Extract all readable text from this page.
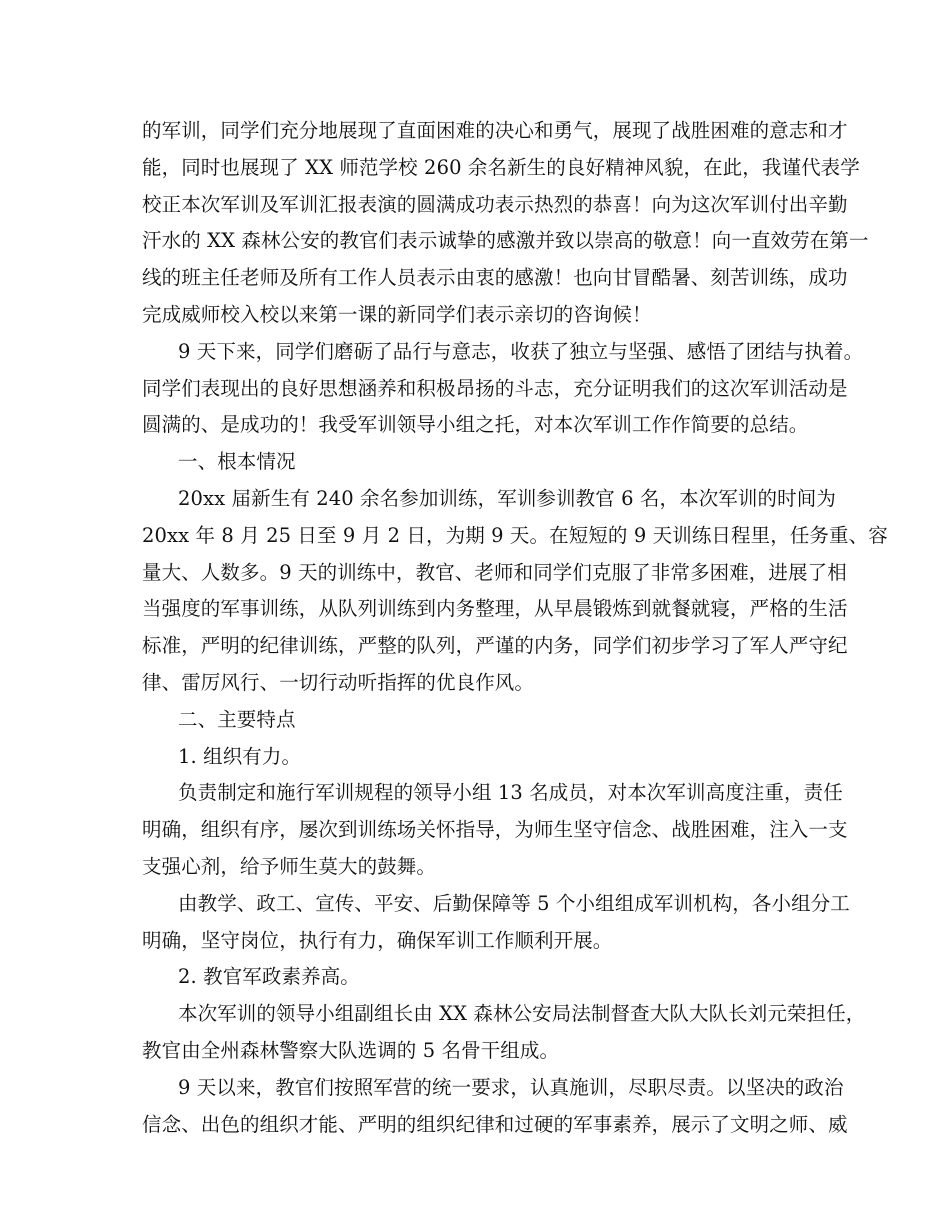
的军训，同学们充分地展现了直面困难的决心和勇气，展现了战胜困难的意志和才
能，同时也展现了 XX 师范学校 260 余名新生的良好精神风貌，在此，我谨代表学
校正本次军训及军训汇报表演的圆满成功表示热烈的恭喜！向为这次军训付出辛勤
汗水的 XX 森林公安的教官们表示诚挚的感激并致以崇高的敬意！向一直效劳在第一
线的班主任老师及所有工作人员表示由衷的感激！也向甘冒酷暑、刻苦训练，成功
完成威师校入校以来第一课的新同学们表示亲切的咨询候！
9 天下来，同学们磨砺了品行与意志，收获了独立与坚强、感悟了团结与执着。
同学们表现出的良好思想涵养和积极昂扬的斗志，充分证明我们的这次军训活动是
圆满的、是成功的！我受军训领导小组之托，对本次军训工作作简要的总结。
一、根本情况
20xx 届新生有 240 余名参加训练，军训参训教官 6 名，本次军训的时间为
20xx 年 8 月 25 日至 9 月 2 日，为期 9 天。在短短的 9 天训练日程里，任务重、容
量大、人数多。9 天的训练中，教官、老师和同学们克服了非常多困难，进展了相
当强度的军事训练，从队列训练到内务整理，从早晨锻炼到就餐就寝，严格的生活
标准，严明的纪律训练，严整的队列，严谨的内务，同学们初步学习了军人严守纪
律、雷厉风行、一切行动听指挥的优良作风。
二、主要特点
1. 组织有力。
负责制定和施行军训规程的领导小组 13 名成员，对本次军训高度注重，责任
明确，组织有序，屡次到训练场关怀指导，为师生坚守信念、战胜困难，注入一支
支强心剂，给予师生莫大的鼓舞。
由教学、政工、宣传、平安、后勤保障等 5 个小组组成军训机构，各小组分工
明确，坚守岗位，执行有力，确保军训工作顺利开展。
2. 教官军政素养高。
本次军训的领导小组副组长由 XX 森林公安局法制督查大队大队长刘元荣担任，
教官由全州森林警察大队选调的 5 名骨干组成。
9 天以来，教官们按照军营的统一要求，认真施训，尽职尽责。以坚决的政治
信念、出色的组织才能、严明的组织纪律和过硬的军事素养，展示了文明之师、威
